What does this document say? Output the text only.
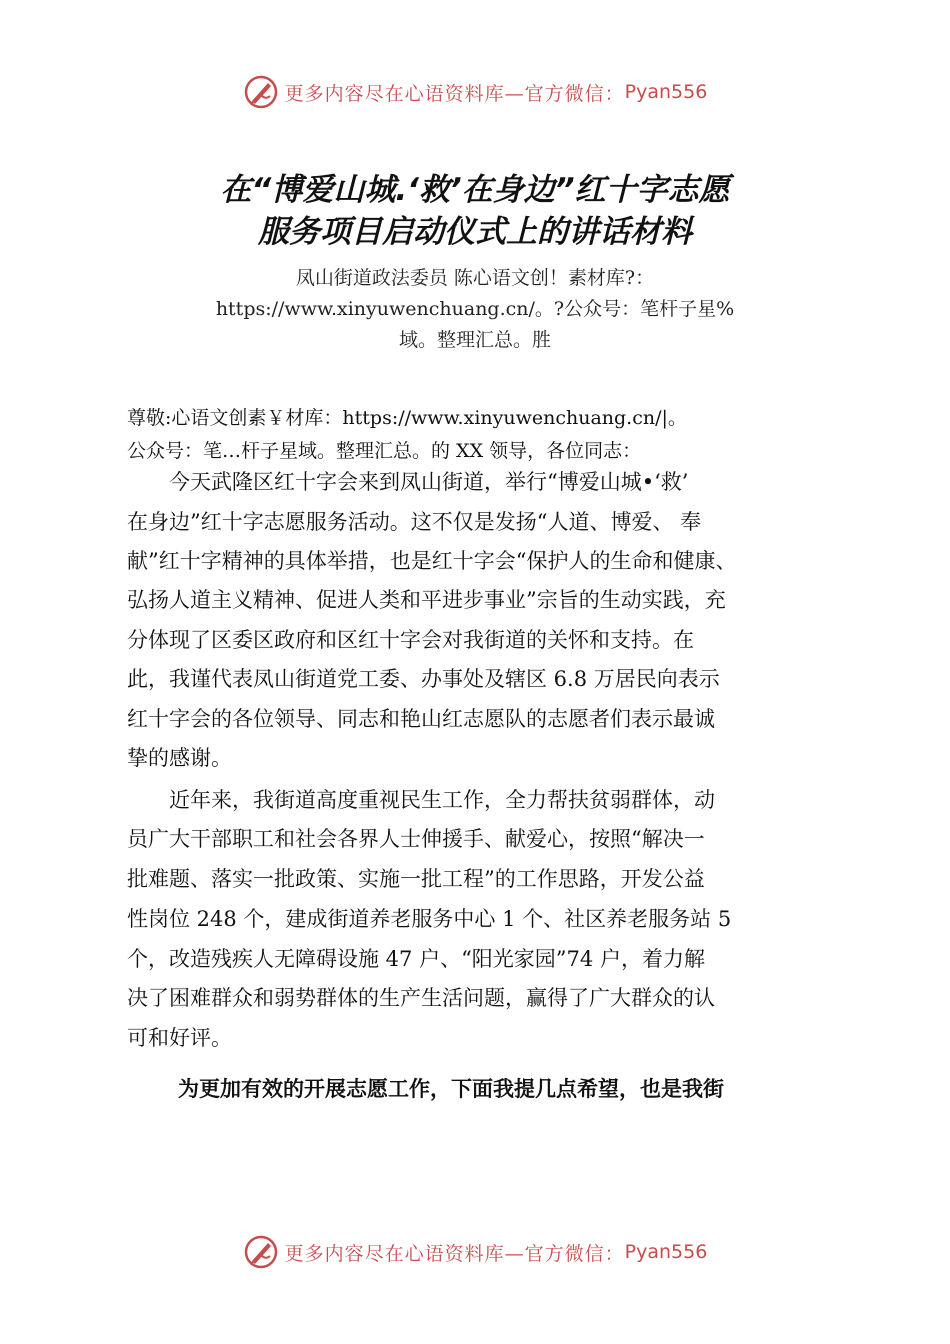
更多内容尽在心语资料库—官方微信： Pyan556
在“博爱山城.‘救’在身边”红十字志愿
服务项目启动仪式上的讲话材料
凤山街道政法委员 陈心语文创！素材库?：
https://www.xinyuwenchuang.cn/。?公众号：笔杆子星%
域。整理汇总。胜
尊敬:心语文创素￥材库：https://www.xinyuwenchuang.cn/|。
公众号：笔…杆子星域。整理汇总。的 XX 领导，各位同志：
　　今天武隆区红十字会来到凤山街道，举行“博爱山城•‘救’
在身边”红十字志愿服务活动。这不仅是发扬“人道、博爱、 奉
献”红十字精神的具体举措，也是红十字会“保护人的生命和健康、
弘扬人道主义精神、促进人类和平进步事业”宗旨的生动实践，充
分体现了区委区政府和区红十字会对我街道的关怀和支持。在
此，我谨代表凤山街道党工委、办事处及辖区 6.8 万居民向表示
红十字会的各位领导、同志和艳山红志愿队的志愿者们表示最诚
挚的感谢。
　　近年来，我街道高度重视民生工作，全力帮扶贫弱群体，动
员广大干部职工和社会各界人士伸援手、献爱心，按照“解决一
批难题、落实一批政策、实施一批工程”的工作思路，开发公益
性岗位 248 个，建成街道养老服务中心 1 个、社区养老服务站 5
个，改造残疾人无障碍设施 47 户、“阳光家园”74 户，着力解
决了困难群众和弱势群体的生产生活问题，赢得了广大群众的认
可和好评。
为更加有效的开展志愿工作，下面我提几点希望，也是我街
更多内容尽在心语资料库—官方微信： Pyan556
